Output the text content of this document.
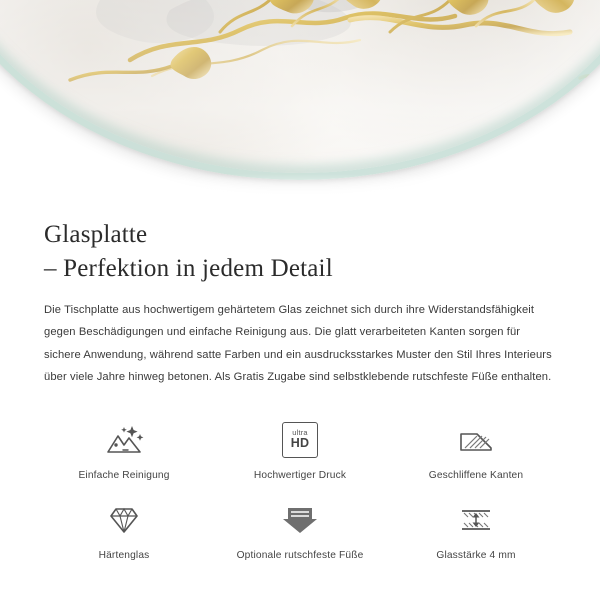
Glasplatte
– Perfektion in jedem Detail

Die Tischplatte aus hochwertigem gehärtetem Glas zeichnet sich durch ihre Widerstandsfähigkeit gegen Beschädigungen und einfache Reinigung aus. Die glatt verarbeiteten Kanten sorgen für sichere Anwendung, während satte Farben und ein ausdrucksstarkes Muster den Stil Ihres Interieurs über viele Jahre hinweg betonen. Als Gratis Zugabe sind selbstklebende rutschfeste Füße enthalten.

Einfache Reinigung
ultra
HD
Hochwertiger Druck	Geschliffene Kanten
Härtenglas	Optionale rutschfeste Füße	Glasstärke 4 mm
